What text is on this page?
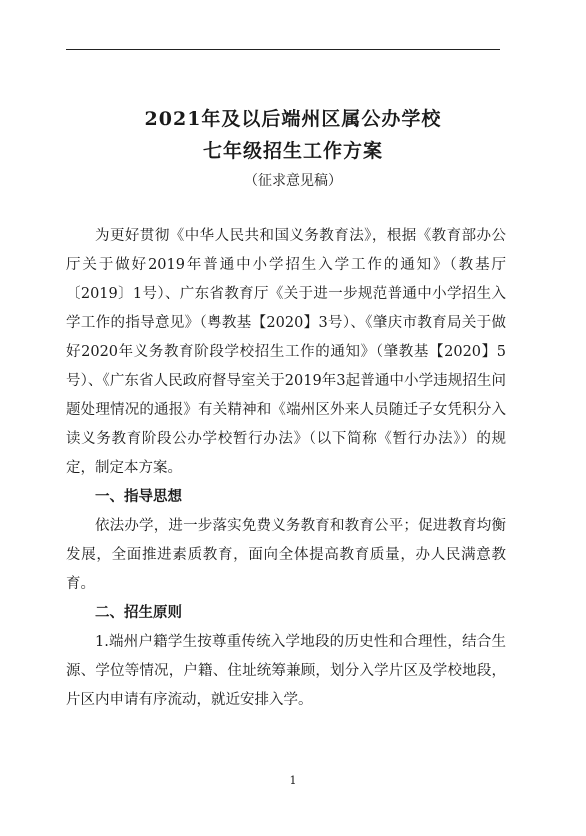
2021年及以后端州区属公办学校
七年级招生工作方案
（征求意见稿）

为更好贯彻《中华人民共和国义务教育法》，根据《教育部办公厅关于做好2019年普通中小学招生入学工作的通知》（教基厅〔2019〕1号）、广东省教育厅《关于进一步规范普通中小学招生入学工作的指导意见》（粤教基【2020】3号）、《肇庆市教育局关于做好2020年义务教育阶段学校招生工作的通知》（肇教基【2020】5号）、《广东省人民政府督导室关于2019年3起普通中小学违规招生问题处理情况的通报》有关精神和《端州区外来人员随迁子女凭积分入读义务教育阶段公办学校暂行办法》（以下简称《暂行办法》）的规定，制定本方案。

一、指导思想

依法办学，进一步落实免费义务教育和教育公平；促进教育均衡发展，全面推进素质教育，面向全体提高教育质量，办人民满意教育。

二、招生原则

1.端州户籍学生按尊重传统入学地段的历史性和合理性，结合生源、学位等情况，户籍、住址统筹兼顾，划分入学片区及学校地段，片区内申请有序流动，就近安排入学。

1
